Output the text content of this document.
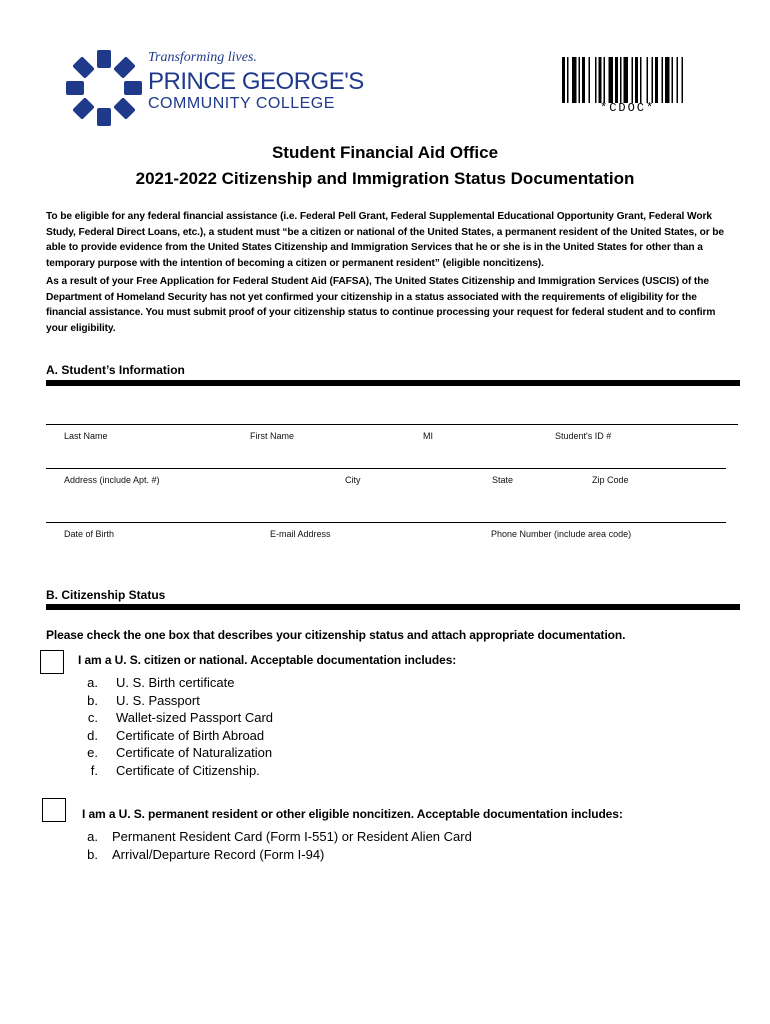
Transforming lives.
PRINCE GEORGE'S
COMMUNITY COLLEGE	*CDOC*
Student Financial Aid Office
2021-2022 Citizenship and Immigration Status Documentation
To be eligible for any federal financial assistance (i.e. Federal Pell Grant, Federal Supplemental Educational Opportunity Grant, Federal Work Study, Federal Direct Loans, etc.), a student must “be a citizen or national of the United States, a permanent resident of the United States, or be able to provide evidence from the United States Citizenship and Immigration Services that he or she is in the United States for other than a temporary purpose with the intention of becoming a citizen or permanent resident” (eligible noncitizens).
As a result of your Free Application for Federal Student Aid (FAFSA), The United States Citizenship and Immigration Services (USCIS) of the Department of Homeland Security has not yet confirmed your citizenship in a status associated with the requirements of eligibility for the financial assistance. You must submit proof of your citizenship status to continue processing your request for federal student and to confirm your eligibility.
A. Student’s Information
Last Name	First Name	MI	Student's ID #
Address (include Apt. #)	City	State	Zip Code
Date of Birth	E-mail Address	Phone Number (include area code)
B. Citizenship Status
Please check the one box that describes your citizenship status and attach appropriate documentation.
I am a U. S. citizen or national. Acceptable documentation includes:
a. U. S. Birth certificate
b. U. S. Passport
c. Wallet-sized Passport Card
d. Certificate of Birth Abroad
e. Certificate of Naturalization
f. Certificate of Citizenship.
I am a U. S. permanent resident or other eligible noncitizen. Acceptable documentation includes:
a. Permanent Resident Card (Form I-551) or Resident Alien Card
b. Arrival/Departure Record (Form I-94)
